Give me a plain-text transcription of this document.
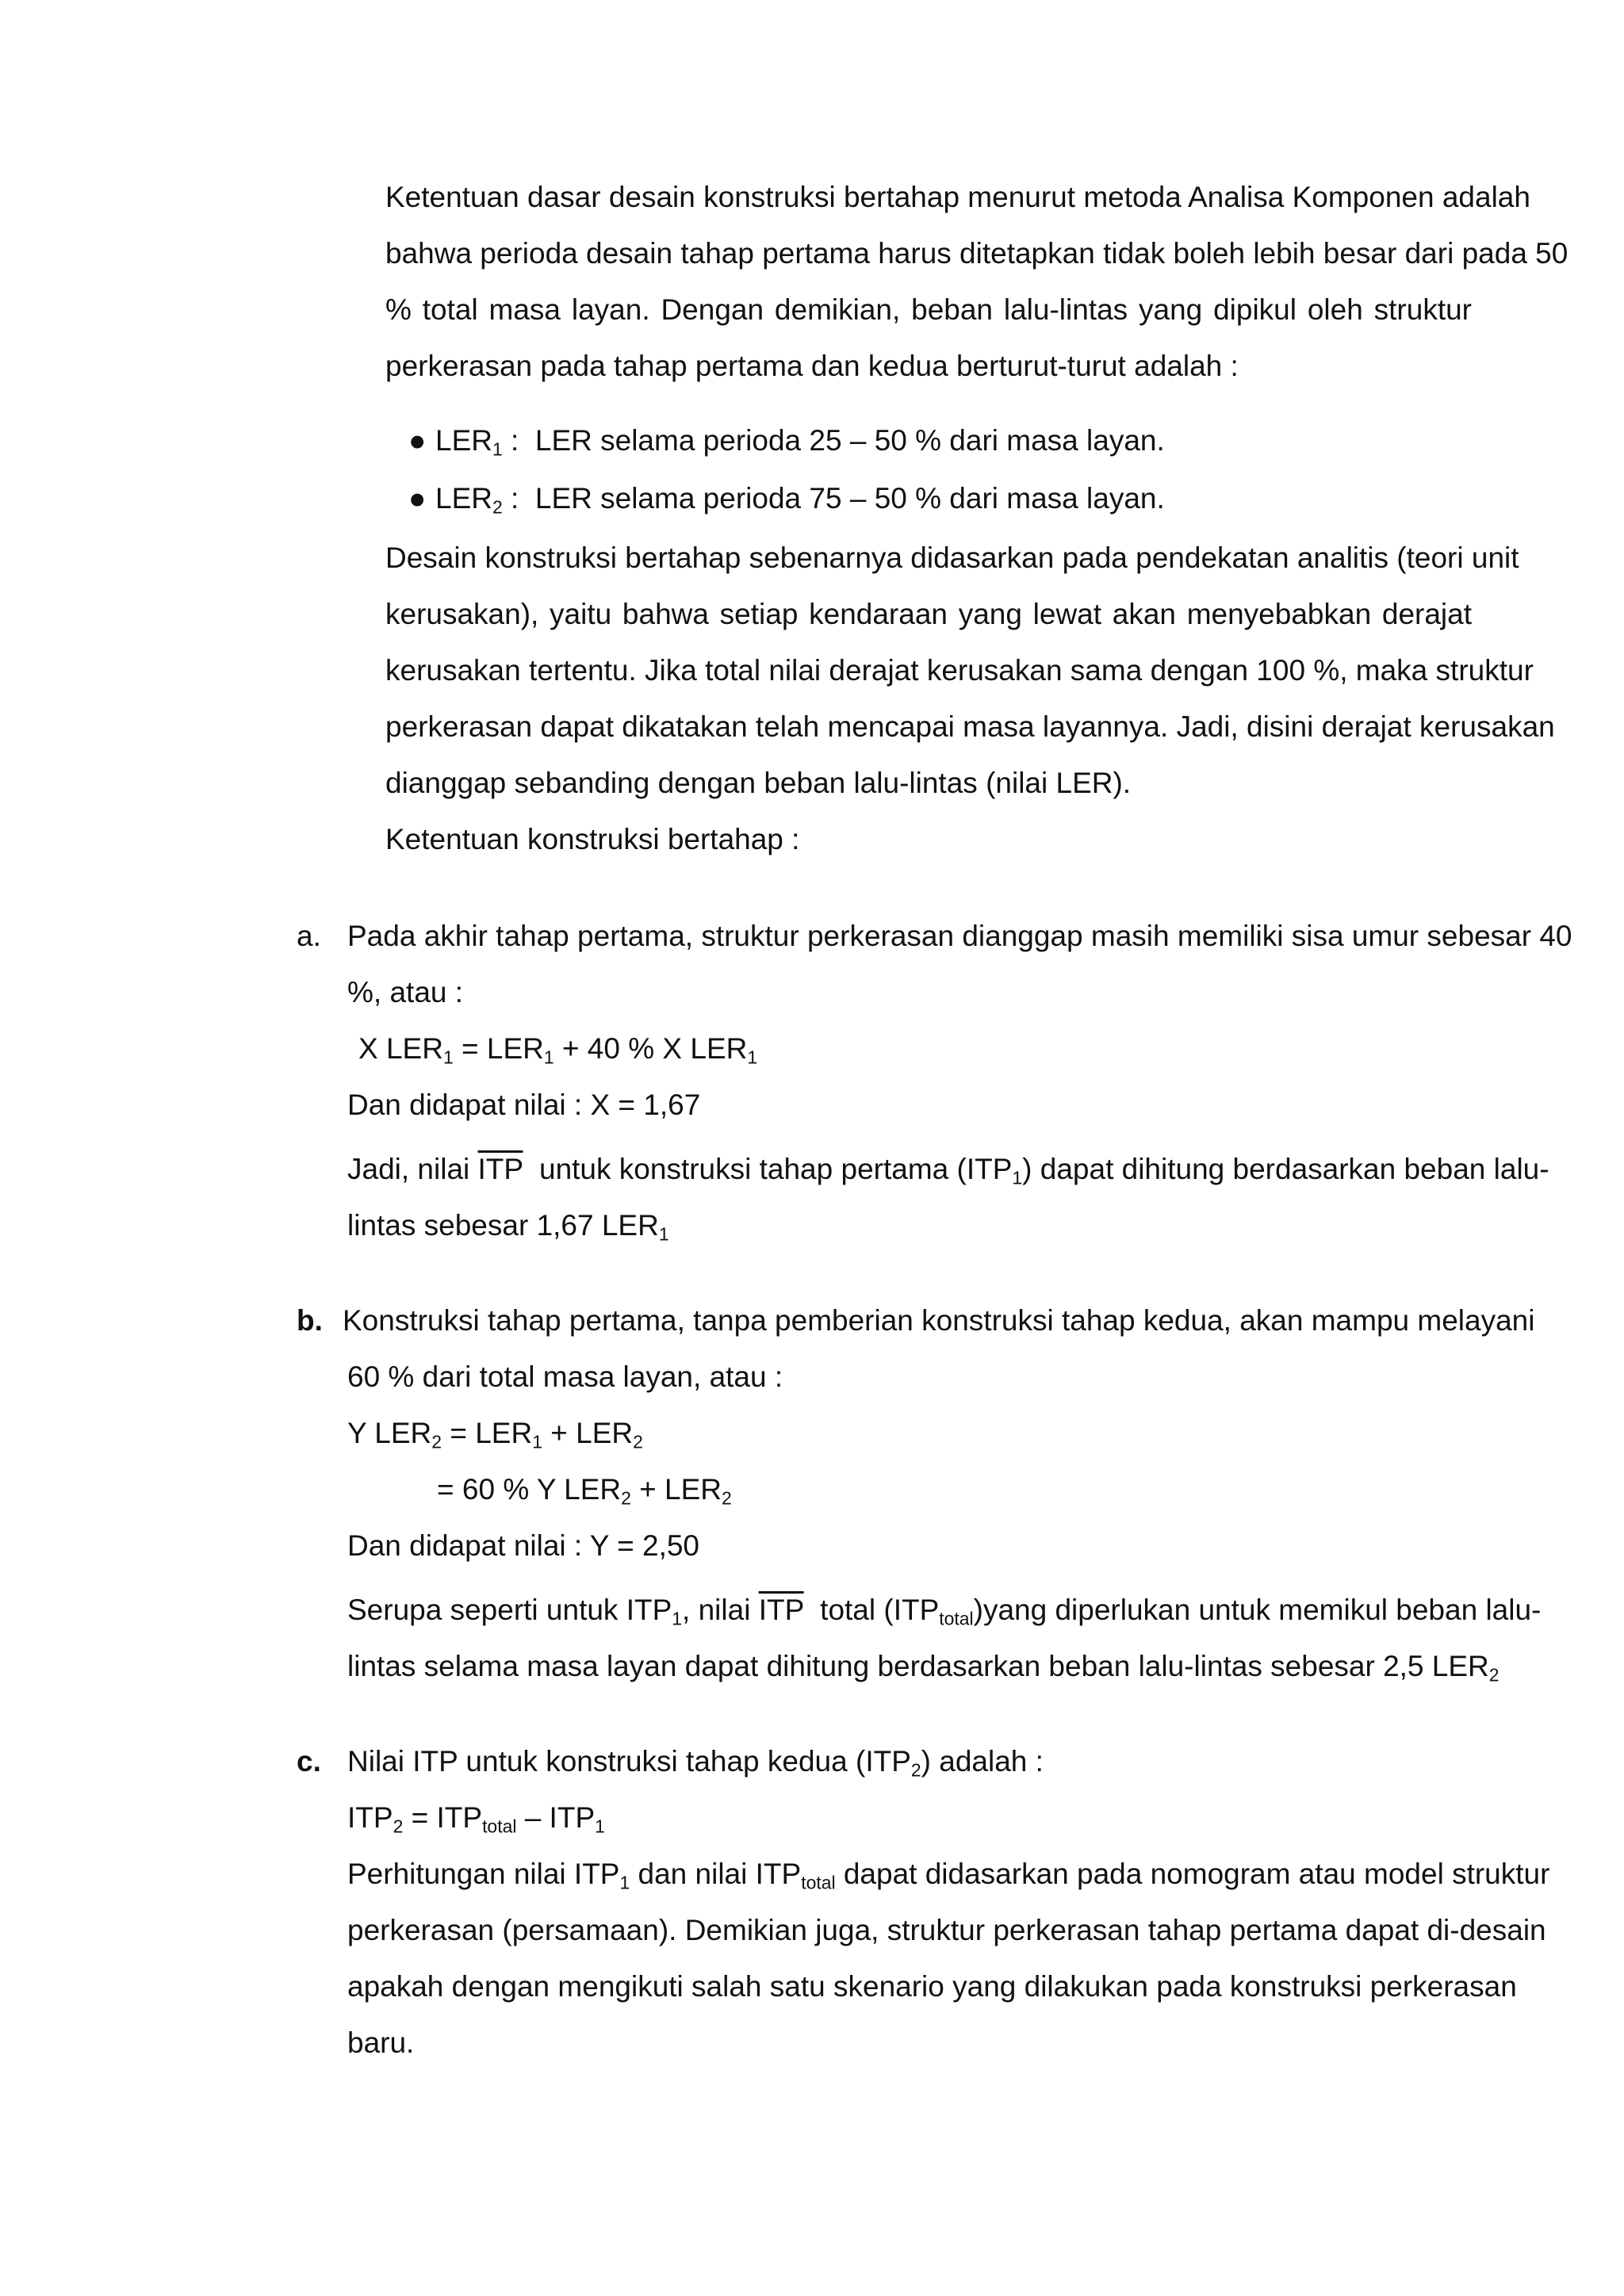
Ketentuan dasar desain konstruksi bertahap menurut metoda Analisa Komponen adalah
bahwa perioda desain tahap pertama harus ditetapkan tidak boleh lebih besar dari pada 50
% total masa layan. Dengan demikian, beban lalu-lintas yang dipikul oleh struktur
perkerasan pada tahap pertama dan kedua berturut-turut adalah :
● $LER_1$ :  LER selama perioda 25 – 50 % dari masa layan.
● $LER_2$ :  LER selama perioda 75 – 50 % dari masa layan.
Desain konstruksi bertahap sebenarnya didasarkan pada pendekatan analitis (teori unit
kerusakan), yaitu bahwa setiap kendaraan yang lewat akan menyebabkan derajat
kerusakan tertentu. Jika total nilai derajat kerusakan sama dengan 100 %, maka struktur
perkerasan dapat dikatakan telah mencapai masa layannya. Jadi, disini derajat kerusakan
dianggap sebanding dengan beban lalu-lintas (nilai LER).
Ketentuan konstruksi bertahap :
a. Pada akhir tahap pertama, struktur perkerasan dianggap masih memiliki sisa umur sebesar 40
%, atau :
X $LER_1 = LER_1 + 40$ % X $LER_1$
Dan didapat nilai : X = 1,67
Jadi, nilai $\overline{ITP}$  untuk konstruksi tahap pertama $(ITP_1)$ dapat dihitung berdasarkan beban lalu-
lintas sebesar 1,67 $LER_1$
b. Konstruksi tahap pertama, tanpa pemberian konstruksi tahap kedua, akan mampu melayani
60 % dari total masa layan, atau :
Y $LER_2 = LER_1 + LER_2$
= 60 % Y $LER_2 + LER_2$
Dan didapat nilai : Y = 2,50
Serupa seperti untuk $ITP_1$, nilai $\overline{ITP}$  total $(ITP_{total})yang$ diperlukan untuk memikul beban lalu-
lintas selama masa layan dapat dihitung berdasarkan beban lalu-lintas sebesar 2,5 $LER_2$
c. Nilai ITP untuk konstruksi tahap kedua $(ITP_2)$ adalah :
$ITP_2 = ITP_{total} - ITP_1$
Perhitungan nilai $ITP_1$ dan nilai $ITP_{total}$ dapat didasarkan pada nomogram atau model struktur
perkerasan (persamaan). Demikian juga, struktur perkerasan tahap pertama dapat di-desain
apakah dengan mengikuti salah satu skenario yang dilakukan pada konstruksi perkerasan
baru.
